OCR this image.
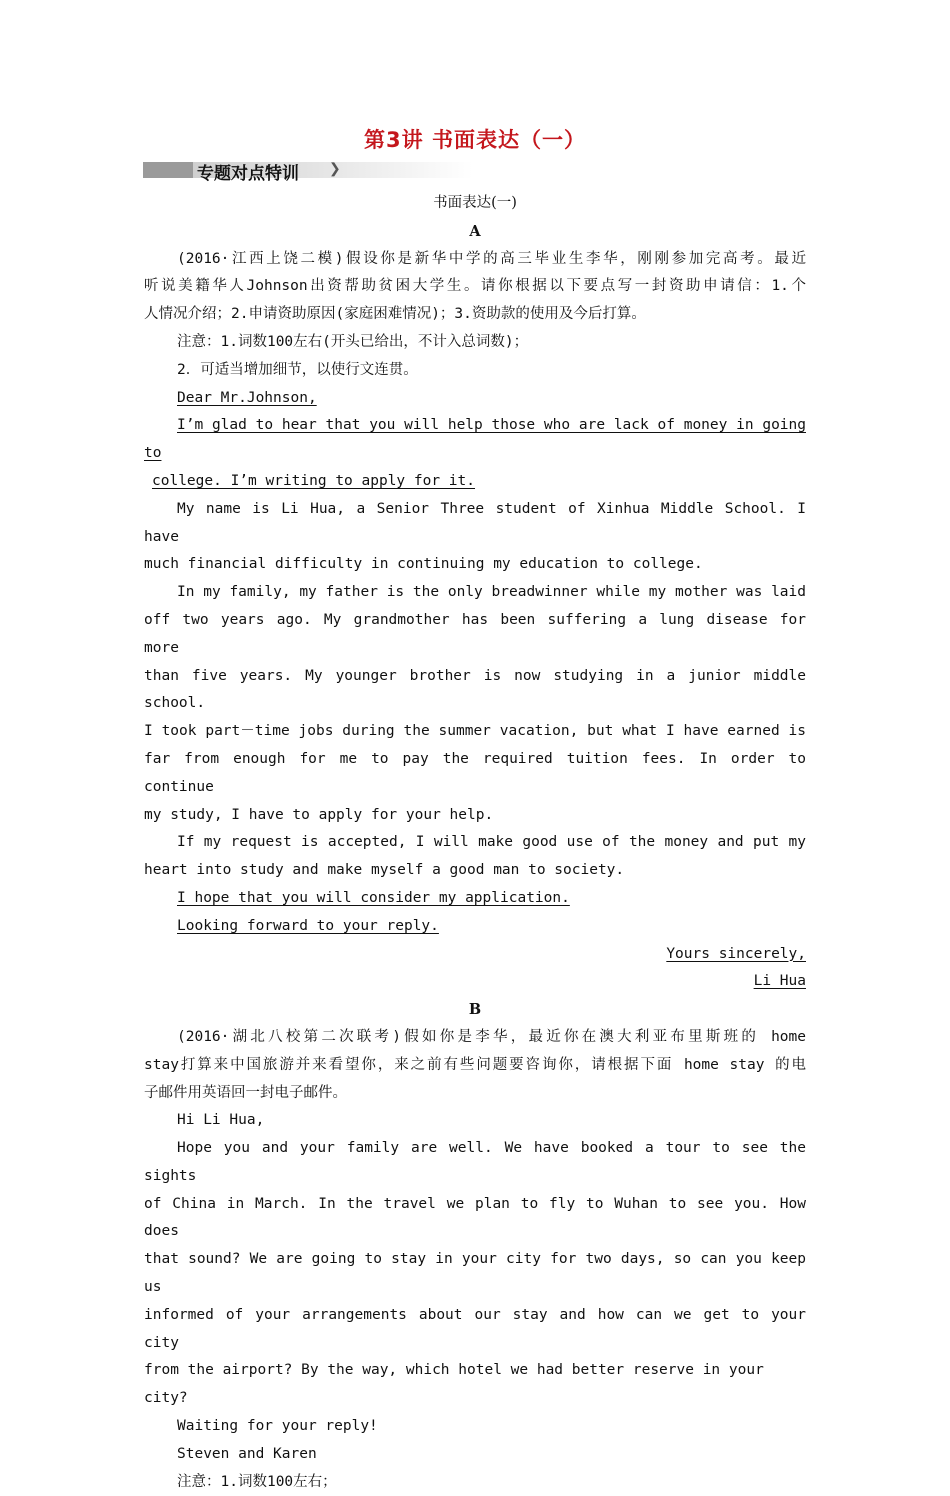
第3讲 书面表达（一）
专题对点特训 ❯
书面表达(一)
A
(2016·江西上饶二模)假设你是新华中学的高三毕业生李华，刚刚参加完高考。最近
听说美籍华人Johnson出资帮助贫困大学生。请你根据以下要点写一封资助申请信：1.个
人情况介绍；2.申请资助原因(家庭困难情况)；3.资助款的使用及今后打算。
注意：1.词数100左右(开头已给出，不计入总词数)；
2．可适当增加细节，以使行文连贯。
Dear Mr.Johnson,
I’m glad to hear that you will help those who are lack of money in going to
college. I’m writing to apply for it.
My name is Li Hua, a Senior Three student of Xinhua Middle School. I have
much financial difficulty in continuing my education to college.
In my family, my father is the only breadwinner while my mother was laid
off two years ago. My grandmother has been suffering a lung disease for more
than five years. My younger brother is now studying in a junior middle school.
I took part－time jobs during the summer vacation, but what I have earned is
far from enough for me to pay the required tuition fees. In order to continue
my study, I have to apply for your help.
If my request is accepted, I will make good use of the money and put my
heart into study and make myself a good man to society.
I hope that you will consider my application.
Looking forward to your reply.
Yours sincerely,
Li Hua
B
(2016·湖北八校第二次联考)假如你是李华，最近你在澳大利亚布里斯班的 home
stay打算来中国旅游并来看望你，来之前有些问题要咨询你，请根据下面 home stay 的电
子邮件用英语回一封电子邮件。
Hi Li Hua,
Hope you and your family are well. We have booked a tour to see the sights
of China in March. In the travel we plan to fly to Wuhan to see you. How does
that sound? We are going to stay in your city for two days, so can you keep us
informed of your arrangements about our stay and how can we get to your city
from the airport? By the way, which hotel we had better reserve in your city?
Waiting for your reply!
Steven and Karen
注意：1.词数100左右；
